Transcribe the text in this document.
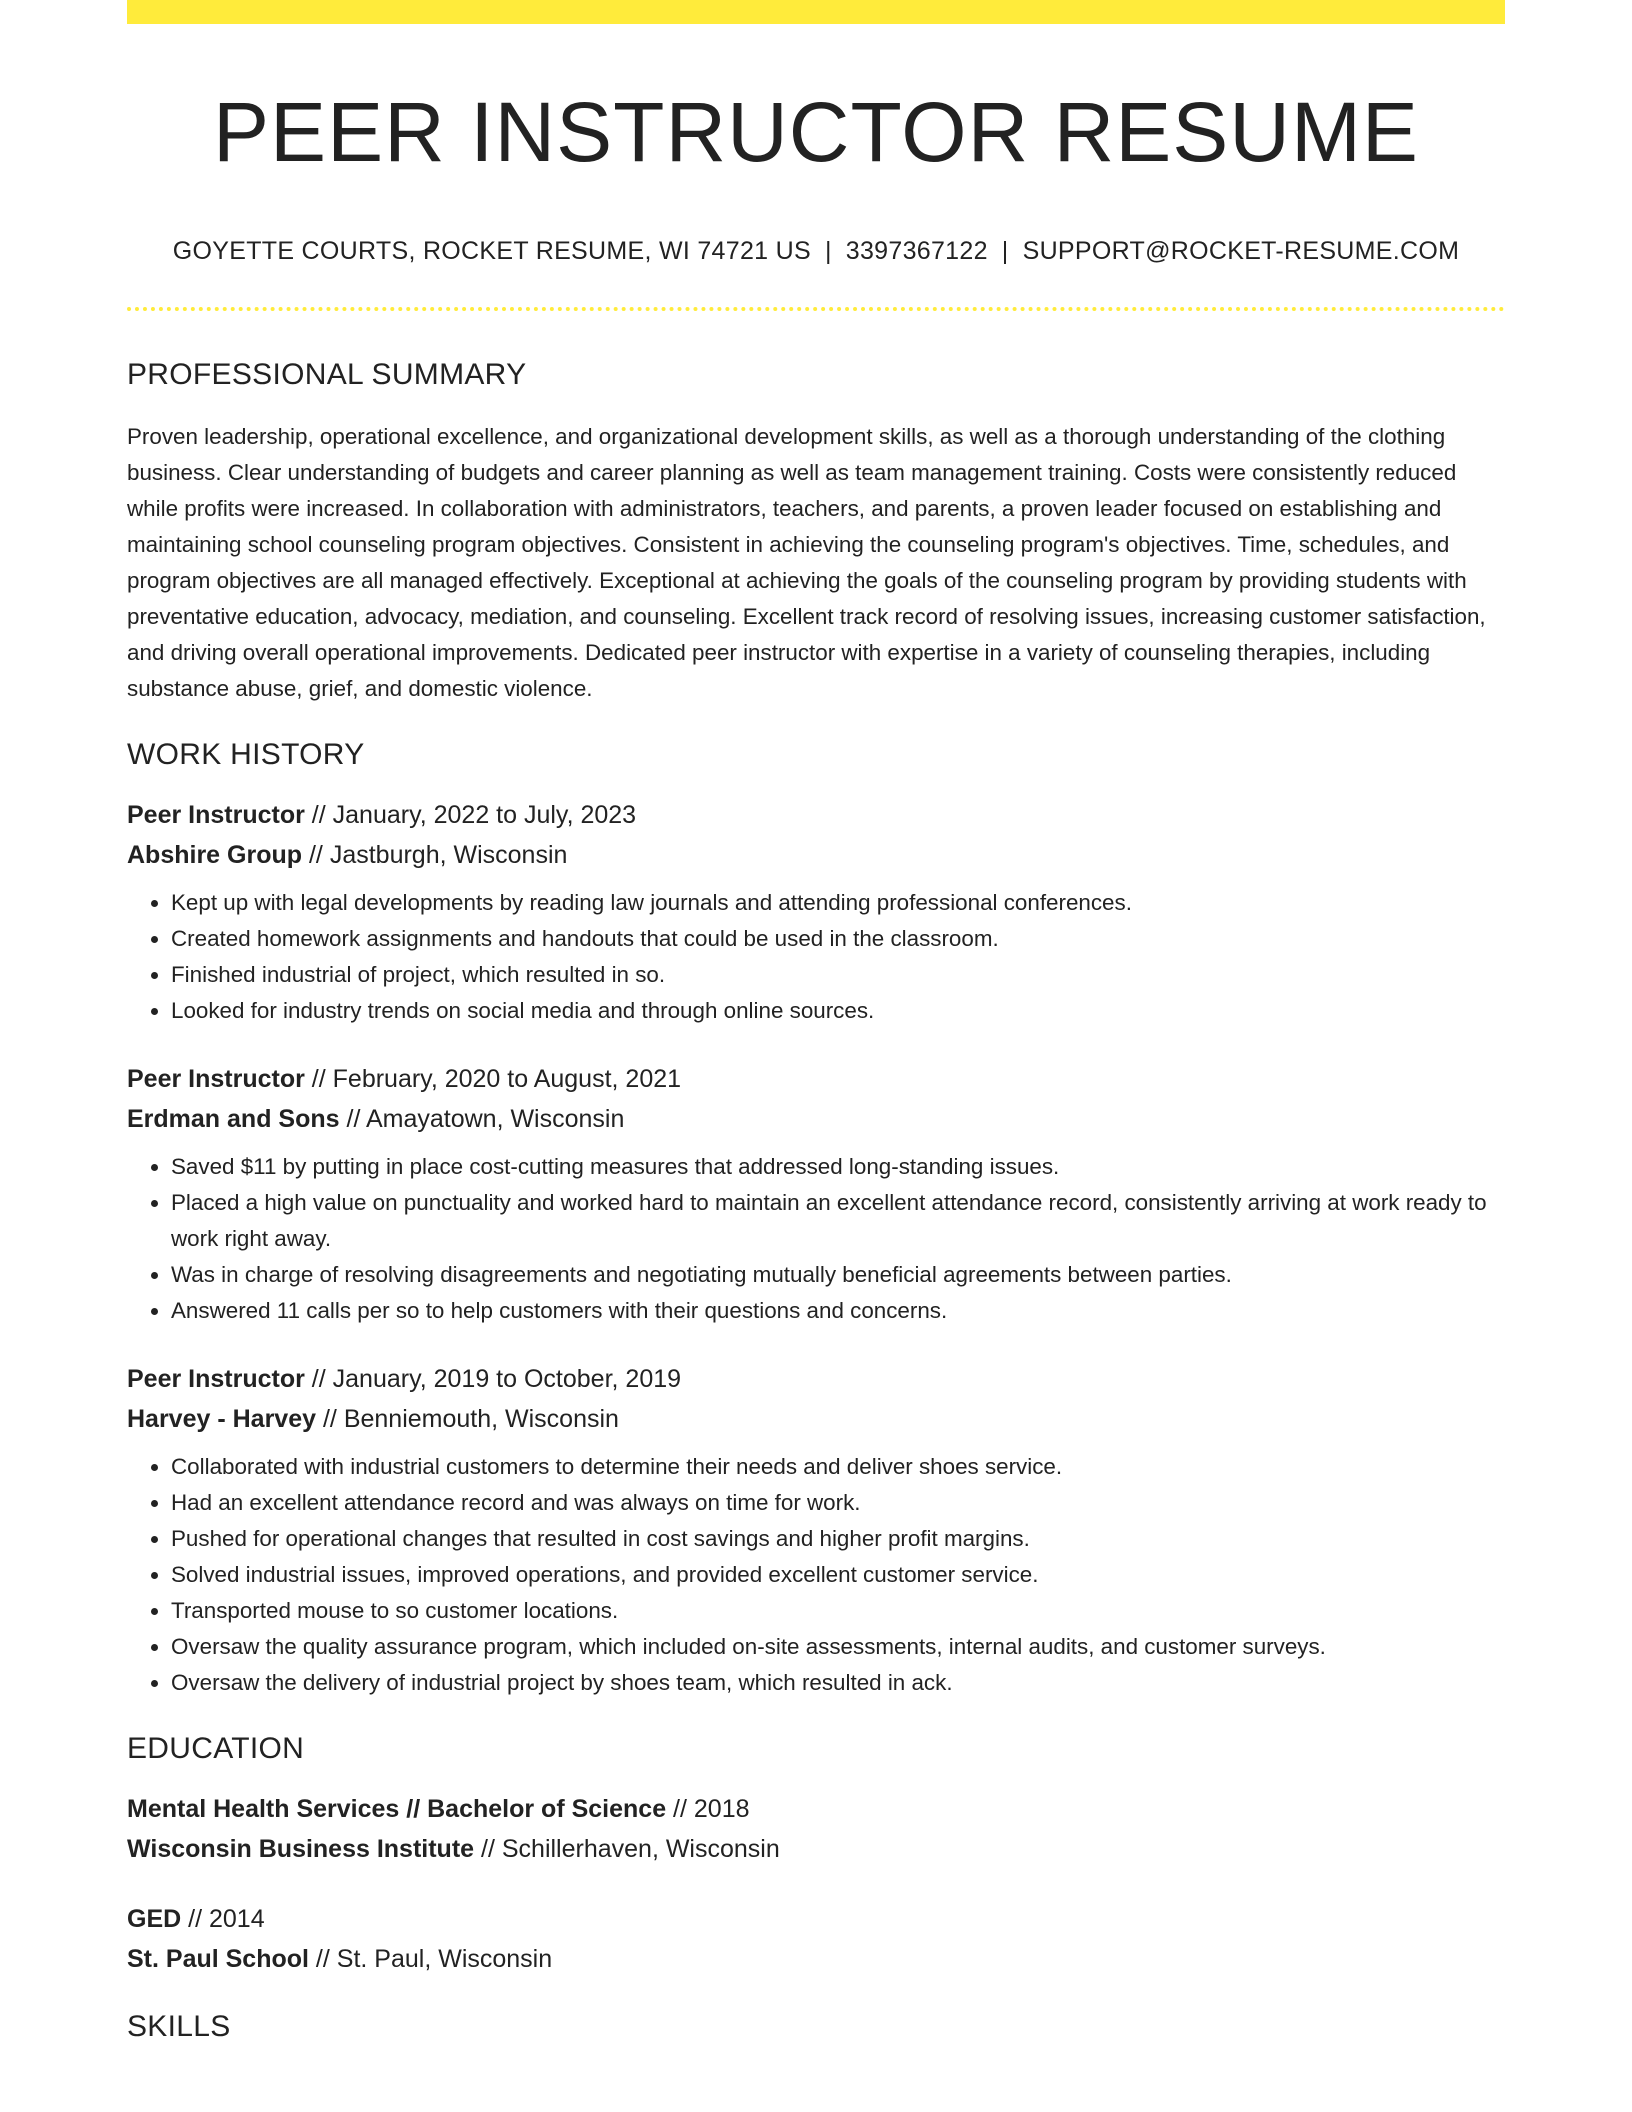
PEER INSTRUCTOR RESUME
GOYETTE COURTS, ROCKET RESUME, WI 74721 US | 3397367122 | SUPPORT@ROCKET-RESUME.COM
PROFESSIONAL SUMMARY

Proven leadership, operational excellence, and organizational development skills, as well as a thorough understanding of the clothing business. Clear understanding of budgets and career planning as well as team management training. Costs were consistently reduced while profits were increased. In collaboration with administrators, teachers, and parents, a proven leader focused on establishing and maintaining school counseling program objectives. Consistent in achieving the counseling program's objectives. Time, schedules, and program objectives are all managed effectively. Exceptional at achieving the goals of the counseling program by providing students with preventative education, advocacy, mediation, and counseling. Excellent track record of resolving issues, increasing customer satisfaction, and driving overall operational improvements. Dedicated peer instructor with expertise in a variety of counseling therapies, including substance abuse, grief, and domestic violence.

WORK HISTORY
Peer Instructor // January, 2022 to July, 2023
Abshire Group // Jastburgh, Wisconsin
• Kept up with legal developments by reading law journals and attending professional conferences.
• Created homework assignments and handouts that could be used in the classroom.
• Finished industrial of project, which resulted in so.
• Looked for industry trends on social media and through online sources.
Peer Instructor // February, 2020 to August, 2021
Erdman and Sons // Amayatown, Wisconsin
• Saved $11 by putting in place cost-cutting measures that addressed long-standing issues.
• Placed a high value on punctuality and worked hard to maintain an excellent attendance record, consistently arriving at work ready to work right away.
• Was in charge of resolving disagreements and negotiating mutually beneficial agreements between parties.
• Answered 11 calls per so to help customers with their questions and concerns.
Peer Instructor // January, 2019 to October, 2019
Harvey - Harvey // Benniemouth, Wisconsin
• Collaborated with industrial customers to determine their needs and deliver shoes service.
• Had an excellent attendance record and was always on time for work.
• Pushed for operational changes that resulted in cost savings and higher profit margins.
• Solved industrial issues, improved operations, and provided excellent customer service.
• Transported mouse to so customer locations.
• Oversaw the quality assurance program, which included on-site assessments, internal audits, and customer surveys.
• Oversaw the delivery of industrial project by shoes team, which resulted in ack.
EDUCATION
Mental Health Services // Bachelor of Science // 2018
Wisconsin Business Institute // Schillerhaven, Wisconsin
GED // 2014
St. Paul School // St. Paul, Wisconsin
SKILLS
